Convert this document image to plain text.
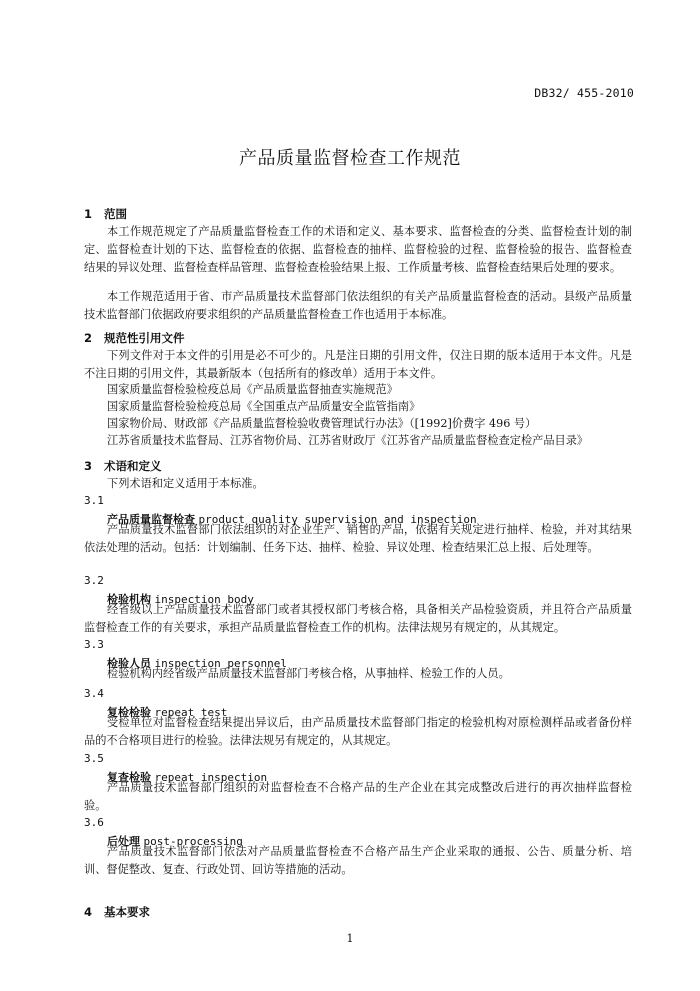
DB32/ 455-2010
产品质量监督检查工作规范
1 范围

本工作规范规定了产品质量监督检查工作的术语和定义、基本要求、监督检查的分类、监督检查计划的制定、监督检查计划的下达、监督检查的依据、监督检查的抽样、监督检验的过程、监督检验的报告、监督检查结果的异议处理、监督检查样品管理、监督检查检验结果上报、工作质量考核、监督检查结果后处理的要求。

本工作规范适用于省、市产品质量技术监督部门依法组织的有关产品质量监督检查的活动。县级产品质量技术监督部门依据政府要求组织的产品质量监督检查工作也适用于本标准。

2 规范性引用文件

下列文件对于本文件的引用是必不可少的。凡是注日期的引用文件，仅注日期的版本适用于本文件。凡是不注日期的引用文件，其最新版本（包括所有的修改单）适用于本文件。

国家质量监督检验检疫总局《产品质量监督抽查实施规范》
国家质量监督检验检疫总局《全国重点产品质量安全监管指南》
国家物价局、财政部《产品质量监督检验收费管理试行办法》（[1992]价费字 496 号）
江苏省质量技术监督局、江苏省物价局、江苏省财政厅《江苏省产品质量监督检查定检产品目录》
3 术语和定义
下列术语和定义适用于本标准。
3.1
产品质量监督检查 product quality supervision and inspection

产品质量技术监督部门依法组织的对企业生产、销售的产品，依据有关规定进行抽样、检验，并对其结果依法处理的活动。包括：计划编制、任务下达、抽样、检验、异议处理、检查结果汇总上报、后处理等。

3.2
检验机构 inspection body

经省级以上产品质量技术监督部门或者其授权部门考核合格，具备相关产品检验资质，并且符合产品质量监督检查工作的有关要求，承担产品质量监督检查工作的机构。法律法规另有规定的，从其规定。

3.3
检验人员 inspection personnel

检验机构内经省级产品质量技术监督部门考核合格，从事抽样、检验工作的人员。

3.4
复检检验 repeat test

受检单位对监督检查结果提出异议后，由产品质量技术监督部门指定的检验机构对原检测样品或者备份样品的不合格项目进行的检验。法律法规另有规定的，从其规定。

3.5
复查检验 repeat inspection

产品质量技术监督部门组织的对监督检查不合格产品的生产企业在其完成整改后进行的再次抽样监督检验。

3.6
后处理 post-processing

产品质量技术监督部门依法对产品质量监督检查不合格产品生产企业采取的通报、公告、质量分析、培训、督促整改、复查、行政处罚、回访等措施的活动。

4 基本要求
1
